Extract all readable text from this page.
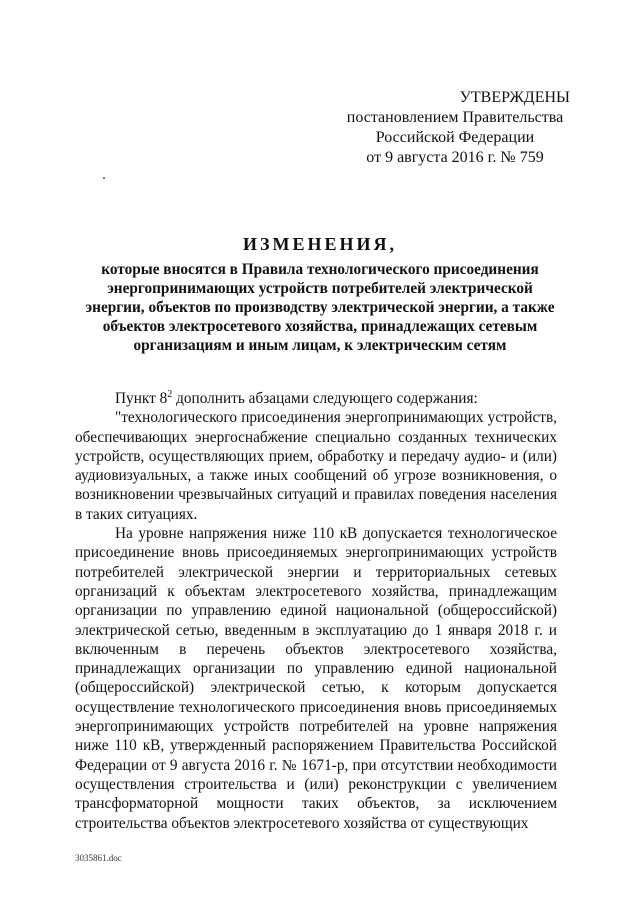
УТВЕРЖДЕНЫ
постановлением Правительства
Российской Федерации
от 9 августа 2016 г. № 759
ИЗМЕНЕНИЯ,
которые вносятся в Правила технологического присоединения энергопринимающих устройств потребителей электрической энергии, объектов по производству электрической энергии, а также объектов электросетевого хозяйства, принадлежащих сетевым организациям и иным лицам, к электрическим сетям

Пункт $8^2$ дополнить абзацами следующего содержания:

"технологического присоединения энергопринимающих устройств, обеспечивающих энергоснабжение специально созданных технических устройств, осуществляющих прием, обработку и передачу аудио- и (или) аудиовизуальных, а также иных сообщений об угрозе возникновения, о возникновении чрезвычайных ситуаций и правилах поведения населения в таких ситуациях.

На уровне напряжения ниже 110 кВ допускается технологическое присоединение вновь присоединяемых энергопринимающих устройств потребителей электрической энергии и территориальных сетевых организаций к объектам электросетевого хозяйства, принадлежащим организации по управлению единой национальной (общероссийской) электрической сетью, введенным в эксплуатацию до 1 января 2018 г. и включенным в перечень объектов электросетевого хозяйства, принадлежащих организации по управлению единой национальной (общероссийской) электрической сетью, к которым допускается осуществление технологического присоединения вновь присоединяемых энергопринимающих устройств потребителей на уровне напряжения ниже 110 кВ, утвержденный распоряжением Правительства Российской Федерации от 9 августа 2016 г. № 1671-р, при отсутствии необходимости осуществления строительства и (или) реконструкции с увеличением трансформаторной мощности таких объектов, за исключением строительства объектов электросетевого хозяйства от существующих

3035861.doc
